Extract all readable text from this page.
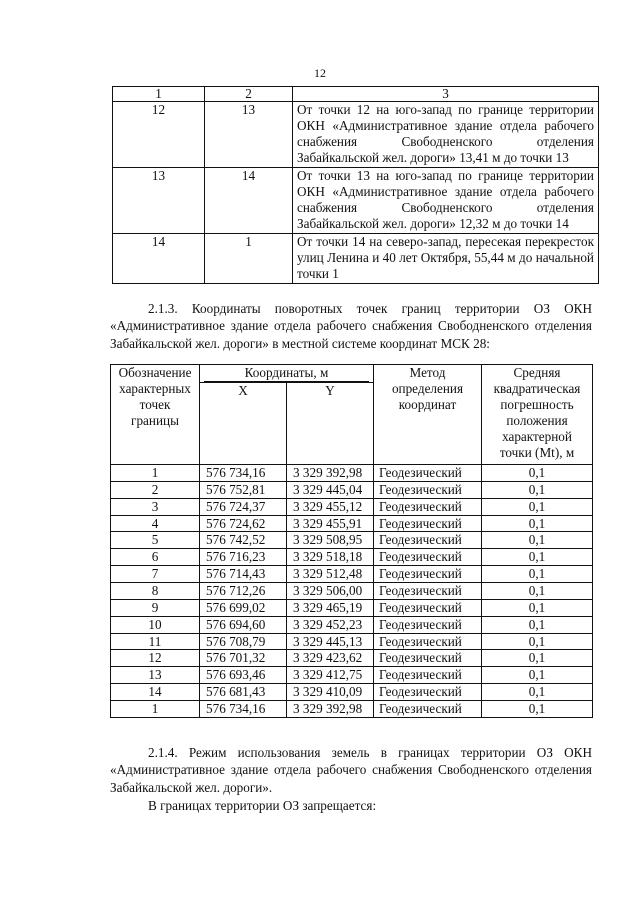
12
1	2	3
12	13	От точки 12 на юго-запад по границе территории ОКН «Административное здание отдела рабочего снабжения Свободненского отделения Забайкальской жел. дороги» 13,41 м до точки 13
13	14	От точки 13 на юго-запад по границе территории ОКН «Административное здание отдела рабочего снабжения Свободненского отделения Забайкальской жел. дороги» 12,32 м до точки 14
14	1	От точки 14 на северо-запад, пересекая перекресток улиц Ленина и 40 лет Октября, 55,44 м до начальной точки 1
2.1.3. Координаты поворотных точек границ территории ОЗ ОКН «Административное здание отдела рабочего снабжения Свободненского отделения Забайкальской жел. дороги» в местной системе координат МСК 28:
Обозначение характерных точек границы	Координаты, м		Метод определения координат	Средняя квадратическая погрешность положения характерной точки (Mt), м
	X	Y		
1	576 734,16	3 329 392,98	Геодезический	0,1
2	576 752,81	3 329 445,04	Геодезический	0,1
3	576 724,37	3 329 455,12	Геодезический	0,1
4	576 724,62	3 329 455,91	Геодезический	0,1
5	576 742,52	3 329 508,95	Геодезический	0,1
6	576 716,23	3 329 518,18	Геодезический	0,1
7	576 714,43	3 329 512,48	Геодезический	0,1
8	576 712,26	3 329 506,00	Геодезический	0,1
9	576 699,02	3 329 465,19	Геодезический	0,1
10	576 694,60	3 329 452,23	Геодезический	0,1
11	576 708,79	3 329 445,13	Геодезический	0,1
12	576 701,32	3 329 423,62	Геодезический	0,1
13	576 693,46	3 329 412,75	Геодезический	0,1
14	576 681,43	3 329 410,09	Геодезический	0,1
1	576 734,16	3 329 392,98	Геодезический	0,1
2.1.4. Режим использования земель в границах территории ОЗ ОКН «Административное здание отдела рабочего снабжения Свободненского отделения Забайкальской жел. дороги».
В границах территории ОЗ запрещается:
